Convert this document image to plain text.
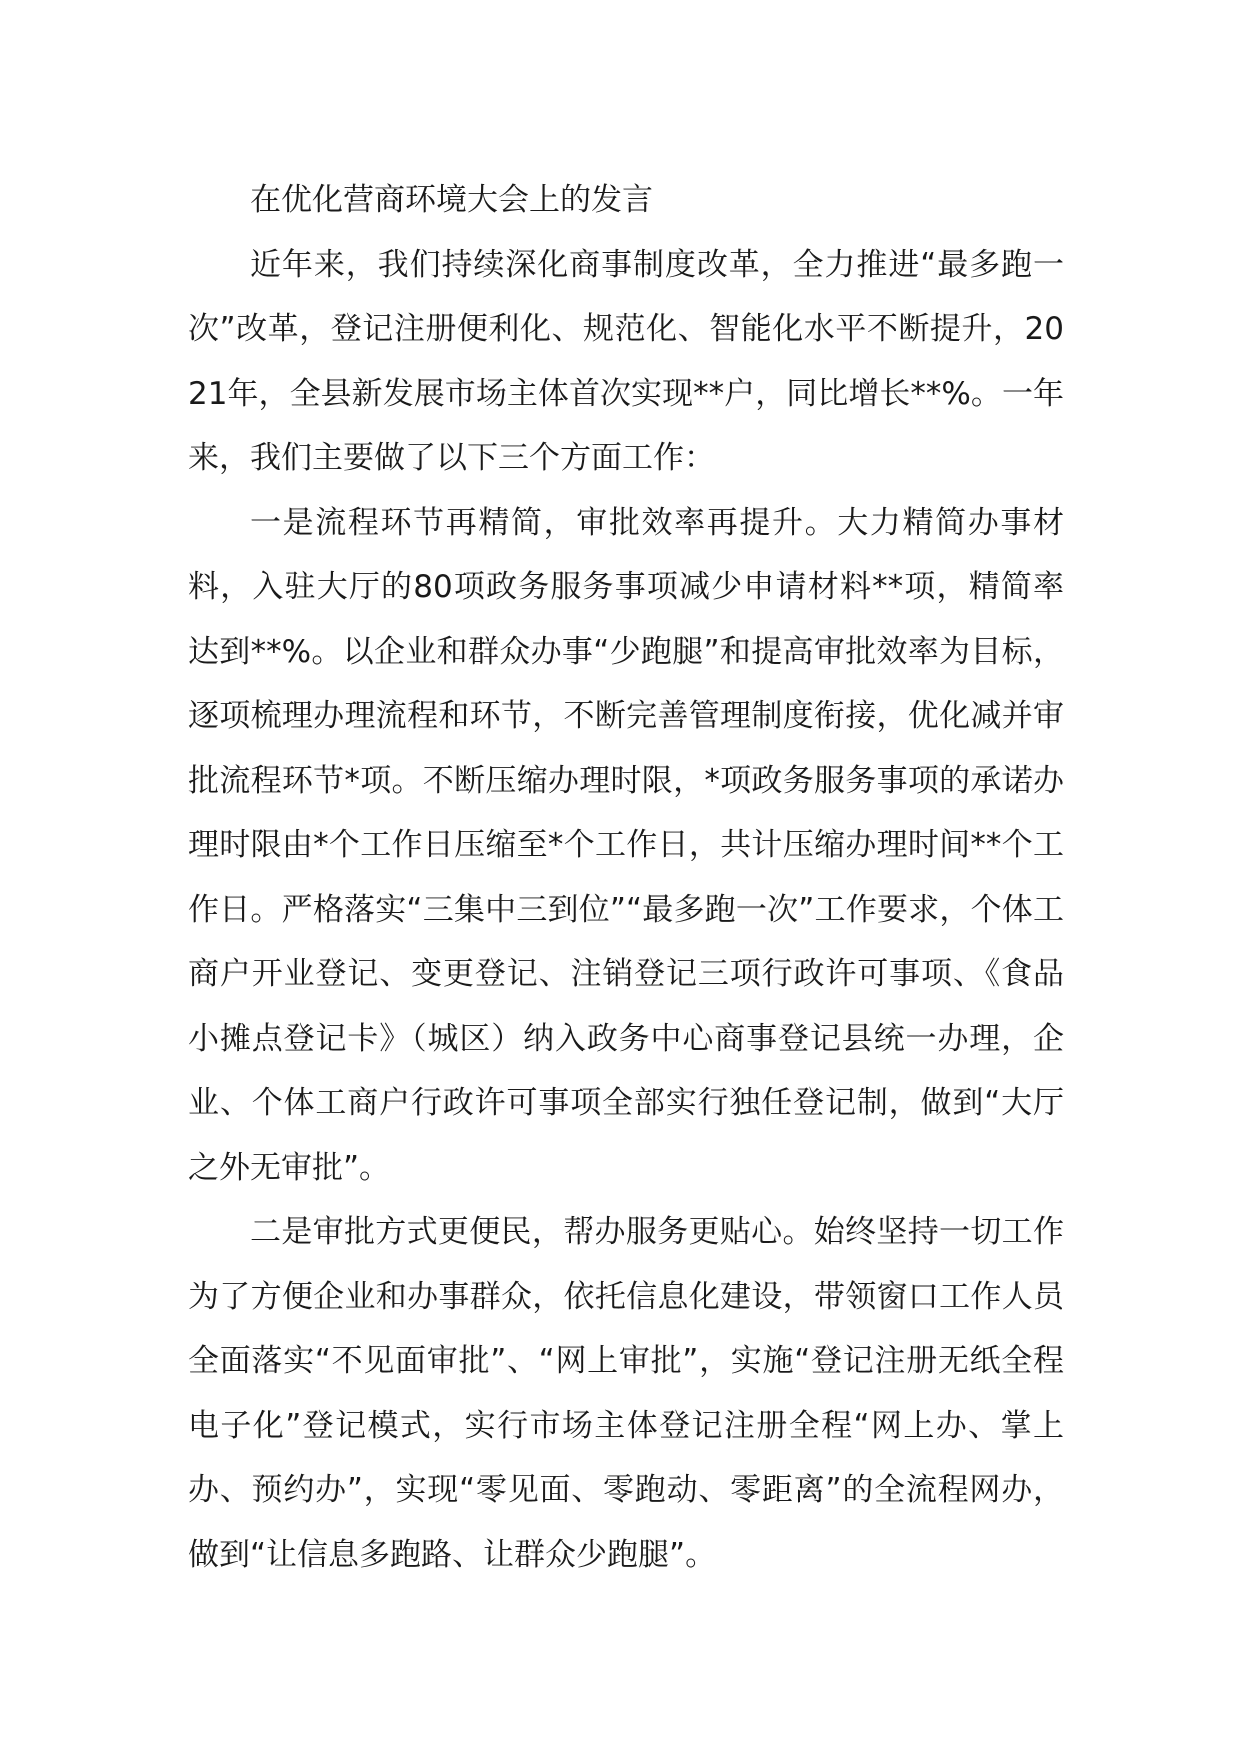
在优化营商环境大会上的发言

近年来，我们持续深化商事制度改革，全力推进“最多跑一次”改革，登记注册便利化、规范化、智能化水平不断提升，2021年，全县新发展市场主体首次实现**户，同比增长**%。一年来，我们主要做了以下三个方面工作：

一是流程环节再精简，审批效率再提升。大力精简办事材料，入驻大厅的80项政务服务事项减少申请材料**项，精简率达到**%。以企业和群众办事“少跑腿”和提高审批效率为目标，逐项梳理办理流程和环节，不断完善管理制度衔接，优化减并审批流程环节*项。不断压缩办理时限，*项政务服务事项的承诺办理时限由*个工作日压缩至*个工作日，共计压缩办理时间**个工作日。严格落实“三集中三到位”“最多跑一次”工作要求，个体工商户开业登记、变更登记、注销登记三项行政许可事项、《食品小摊点登记卡》（城区）纳入政务中心商事登记县统一办理，企业、个体工商户行政许可事项全部实行独任登记制，做到“大厅之外无审批”。

二是审批方式更便民，帮办服务更贴心。始终坚持一切工作为了方便企业和办事群众，依托信息化建设，带领窗口工作人员全面落实“不见面审批”、“网上审批”，实施“登记注册无纸全程电子化”登记模式，实行市场主体登记注册全程“网上办、掌上办、预约办”，实现“零见面、零跑动、零距离”的全流程网办，做到“让信息多跑路、让群众少跑腿”。
